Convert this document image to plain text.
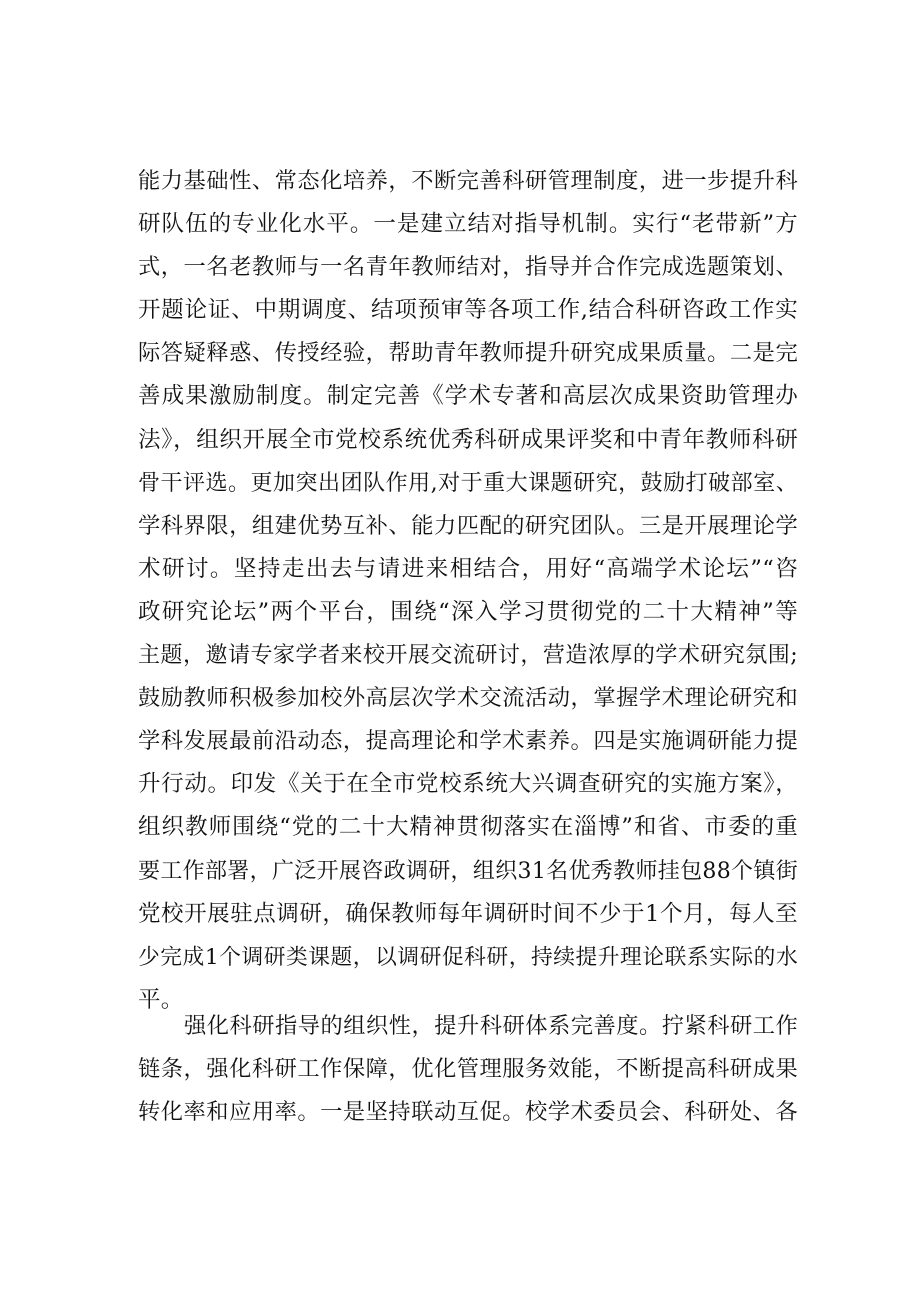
能力基础性、常态化培养，不断完善科研管理制度，进一步提升科
研队伍的专业化水平。一是建立结对指导机制。实行“老带新”方
式，一名老教师与一名青年教师结对，指导并合作完成选题策划、
开题论证、中期调度、结项预审等各项工作,结合科研咨政工作实
际答疑释惑、传授经验，帮助青年教师提升研究成果质量。二是完
善成果激励制度。制定完善《学术专著和高层次成果资助管理办
法》，组织开展全市党校系统优秀科研成果评奖和中青年教师科研
骨干评选。更加突出团队作用,对于重大课题研究，鼓励打破部室、
学科界限，组建优势互补、能力匹配的研究团队。三是开展理论学
术研讨。坚持走出去与请进来相结合，用好“高端学术论坛”“咨
政研究论坛”两个平台，围绕“深入学习贯彻党的二十大精神”等
主题，邀请专家学者来校开展交流研讨，营造浓厚的学术研究氛围;
鼓励教师积极参加校外高层次学术交流活动，掌握学术理论研究和
学科发展最前沿动态，提高理论和学术素养。四是实施调研能力提
升行动。印发《关于在全市党校系统大兴调查研究的实施方案》，
组织教师围绕“党的二十大精神贯彻落实在淄博”和省、市委的重
要工作部署，广泛开展咨政调研，组织31名优秀教师挂包88个镇街
党校开展驻点调研，确保教师每年调研时间不少于1个月，每人至
少完成1个调研类课题，以调研促科研，持续提升理论联系实际的水
平。
强化科研指导的组织性，提升科研体系完善度。拧紧科研工作
链条，强化科研工作保障，优化管理服务效能，不断提高科研成果
转化率和应用率。一是坚持联动互促。校学术委员会、科研处、各
